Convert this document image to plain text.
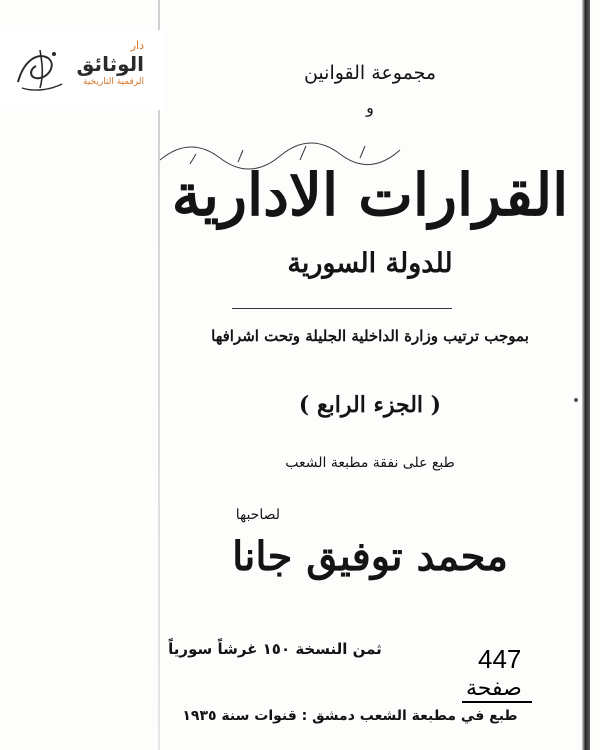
دار
الوثائق
الرقمية التاريخية	مجموعة القوانين
و
القرارات الادارية
للدولة السورية
بموجب ترتيب وزارة الداخلية الجليلة وتحت اشرافها
( الجزء الرابع )
طبع على نفقة مطبعة الشعب
لصاحبها
محمد توفيق جانا
ثمن النسخة ١٥٠ غرشاً سورياً
طبع في مطبعة الشعب دمشق : قنوات سنة ١٩٣٥
447
صفحة
